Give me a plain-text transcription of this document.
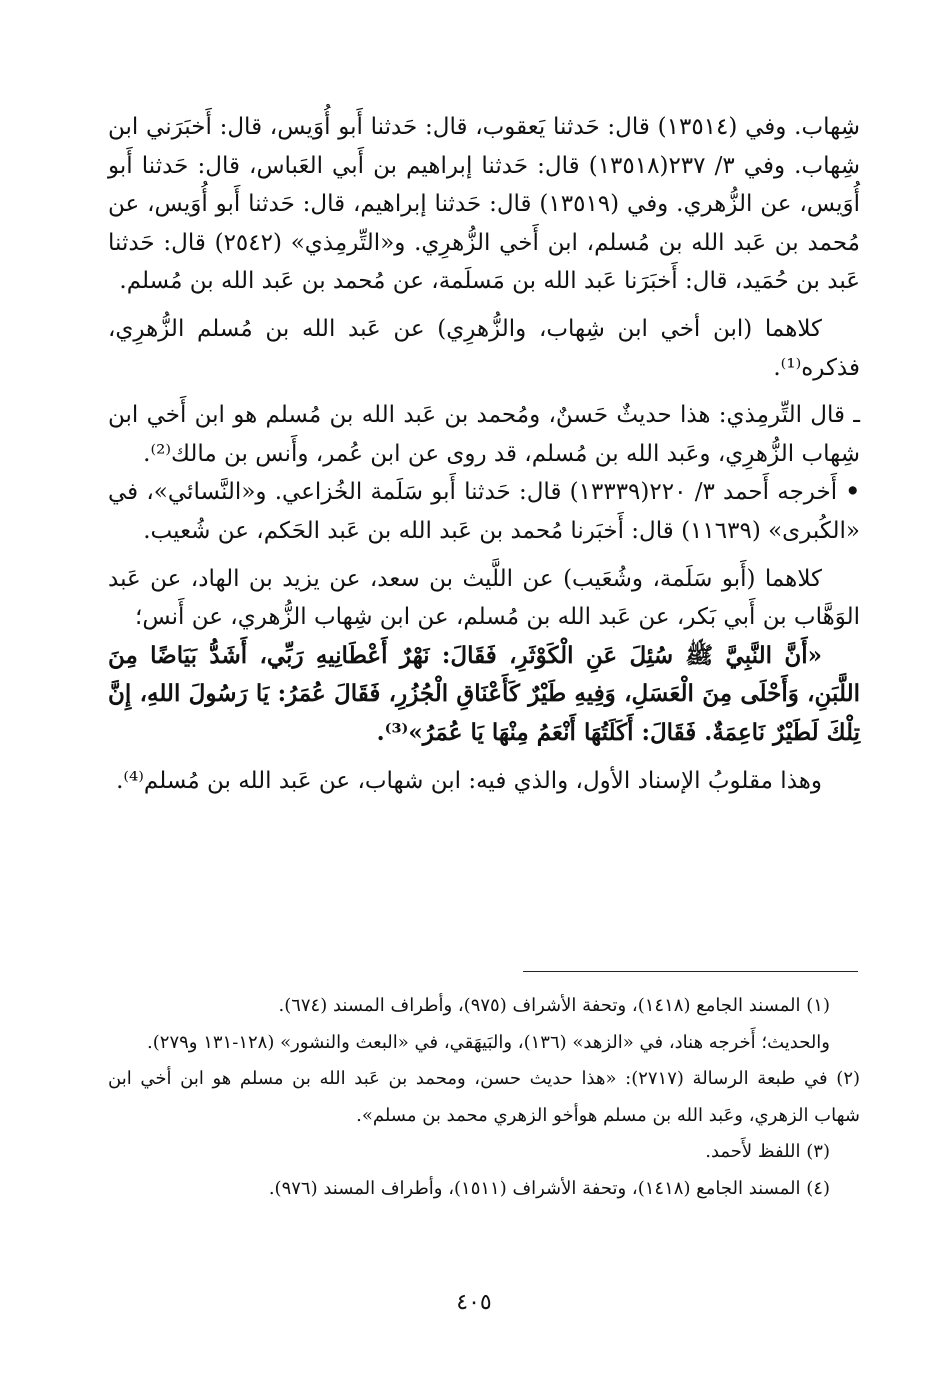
شِهاب. وفي (١٣٥١٤) قال: حَدثنا يَعقوب، قال: حَدثنا أَبو أُوَيس، قال: أَخبَرَني ابن شِهاب. وفي ٣/ ٢٣٧(١٣٥١٨) قال: حَدثنا إبراهيم بن أَبي العَباس، قال: حَدثنا أَبو أُوَيس، عن الزُّهري. وفي (١٣٥١٩) قال: حَدثنا إبراهيم، قال: حَدثنا أَبو أُوَيس، عن مُحمد بن عَبد الله بن مُسلم، ابن أَخي الزُّهرِي. و«التِّرمِذي» (٢٥٤٢) قال: حَدثنا عَبد بن حُمَيد، قال: أَخبَرَنا عَبد الله بن مَسلَمة، عن مُحمد بن عَبد الله بن مُسلم.

كلاهما (ابن أخي ابن شِهاب، والزُّهرِي) عن عَبد الله بن مُسلم الزُّهرِي، فذكره⁽¹⁾.

ـ قال التِّرمِذي: هذا حديثٌ حَسنٌ، ومُحمد بن عَبد الله بن مُسلم هو ابن أَخي ابن شِهاب الزُّهرِي، وعَبد الله بن مُسلم، قد روى عن ابن عُمر، وأَنس بن مالك⁽²⁾.

• أَخرجه أَحمد ٣/ ٢٢٠(١٣٣٣٩) قال: حَدثنا أَبو سَلَمة الخُزاعي. و«النَّسائي»، في «الكُبرى» (١١٦٣٩) قال: أَخبَرنا مُحمد بن عَبد الله بن عَبد الحَكم، عن شُعيب.

كلاهما (أَبو سَلَمة، وشُعَيب) عن اللَّيث بن سعد، عن يزيد بن الهاد، عن عَبد الوَهَّاب بن أَبي بَكر، عن عَبد الله بن مُسلم، عن ابن شِهاب الزُّهري، عن أَنس؛

«أَنَّ النَّبِيَّ ﷺ سُئِلَ عَنِ الْكَوْثَرِ، فَقَالَ: نَهْرٌ أَعْطَانِيهِ رَبِّي، أَشَدُّ بَيَاضًا مِنَ اللَّبَنِ، وَأَحْلَى مِنَ الْعَسَلِ، وَفِيهِ طَيْرٌ كَأَعْنَاقِ الْجُزُرِ، فَقَالَ عُمَرُ: يَا رَسُولَ اللهِ، إِنَّ تِلْكَ لَطَيْرٌ نَاعِمَةٌ. فَقَالَ: أَكَلَتُهَا أَنْعَمُ مِنْهَا يَا عُمَرُ»⁽³⁾.

وهذا مقلوبُ الإسناد الأول، والذي فيه: ابن شهاب، عن عَبد الله بن مُسلم⁽⁴⁾.

(١) المسند الجامع (١٤١٨)، وتحفة الأشراف (٩٧٥)، وأطراف المسند (٦٧٤).

والحديث؛ أَخرجه هناد، في «الزهد» (١٣٦)، والبَيهَقي، في «البعث والنشور» (١٢٨-١٣١ و٢٧٩).

(٢) في طبعة الرسالة (٢٧١٧): «هذا حديث حسن، ومحمد بن عَبد الله بن مسلم هو ابن أخي ابن شهاب الزهري، وعَبد الله بن مسلم هوأخو الزهري محمد بن مسلم».

(٣) اللفظ لأَحمد.

(٤) المسند الجامع (١٤١٨)، وتحفة الأشراف (١٥١١)، وأطراف المسند (٩٧٦).

٤٠٥
